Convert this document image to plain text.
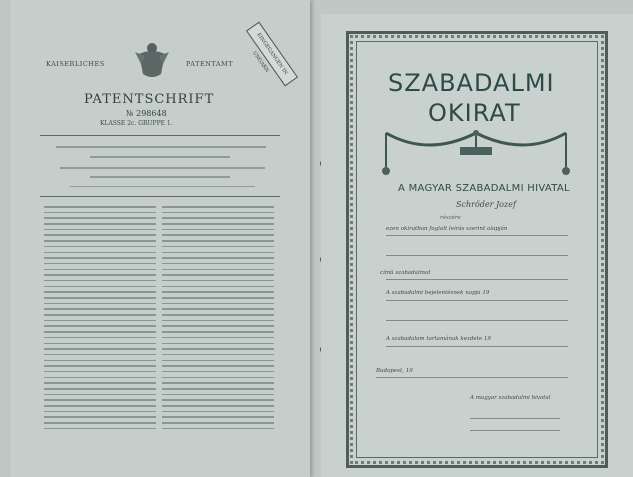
KAISERLICHES	PATENTAMT	EINGEGANGEN IN UNGARN
PATENTSCHRIFT
№ 298648
KLASSE 2c. GRUPPE 1.
SZABADALMI
OKIRAT
A MAGYAR SZABADALMI HIVATAL
Schröder Jozef
részére
ezen okiratban foglalt leírás szerint alapján
címü szabadalmat
A szabadalmi bejelentésnek napja 19
A szabadalom tartamának kezdete 19
Budapest, 19
A magyar szabadalmi hivatal
